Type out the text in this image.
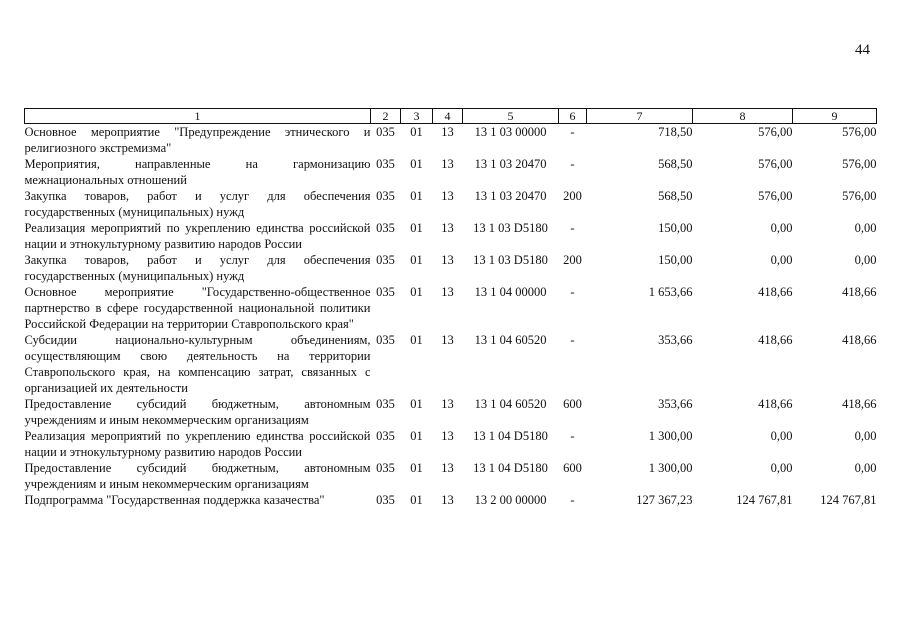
44
1	2	3	4	5	6	7	8	9
Основное мероприятие "Предупреждение этнического и религиозного экстремизма"	035	01	13	13 1 03 00000	-	718,50	576,00	576,00
Мероприятия, направленные на гармонизацию межнациональных отношений	035	01	13	13 1 03 20470	-	568,50	576,00	576,00
Закупка товаров, работ и услуг для обеспечения государственных (муниципальных) нужд	035	01	13	13 1 03 20470	200	568,50	576,00	576,00
Реализация мероприятий по укреплению единства российской нации и этнокультурному развитию народов России	035	01	13	13 1 03 D5180	-	150,00	0,00	0,00
Закупка товаров, работ и услуг для обеспечения государственных (муниципальных) нужд	035	01	13	13 1 03 D5180	200	150,00	0,00	0,00
Основное мероприятие "Государственно-общественное партнерство в сфере государственной национальной политики Российской Федерации на территории Ставропольского края"	035	01	13	13 1 04 00000	-	1 653,66	418,66	418,66
Субсидии национально-культурным объединениям, осуществляющим свою деятельность на территории Ставропольского края, на компенсацию затрат, связанных с организацией их деятельности	035	01	13	13 1 04 60520	-	353,66	418,66	418,66
Предоставление субсидий бюджетным, автономным учреждениям и иным некоммерческим организациям	035	01	13	13 1 04 60520	600	353,66	418,66	418,66
Реализация мероприятий по укреплению единства российской нации и этнокультурному развитию народов России	035	01	13	13 1 04 D5180	-	1 300,00	0,00	0,00
Предоставление субсидий бюджетным, автономным учреждениям и иным некоммерческим организациям	035	01	13	13 1 04 D5180	600	1 300,00	0,00	0,00
Подпрограмма "Государственная поддержка казачества"	035	01	13	13 2 00 00000	-	127 367,23	124 767,81	124 767,81
